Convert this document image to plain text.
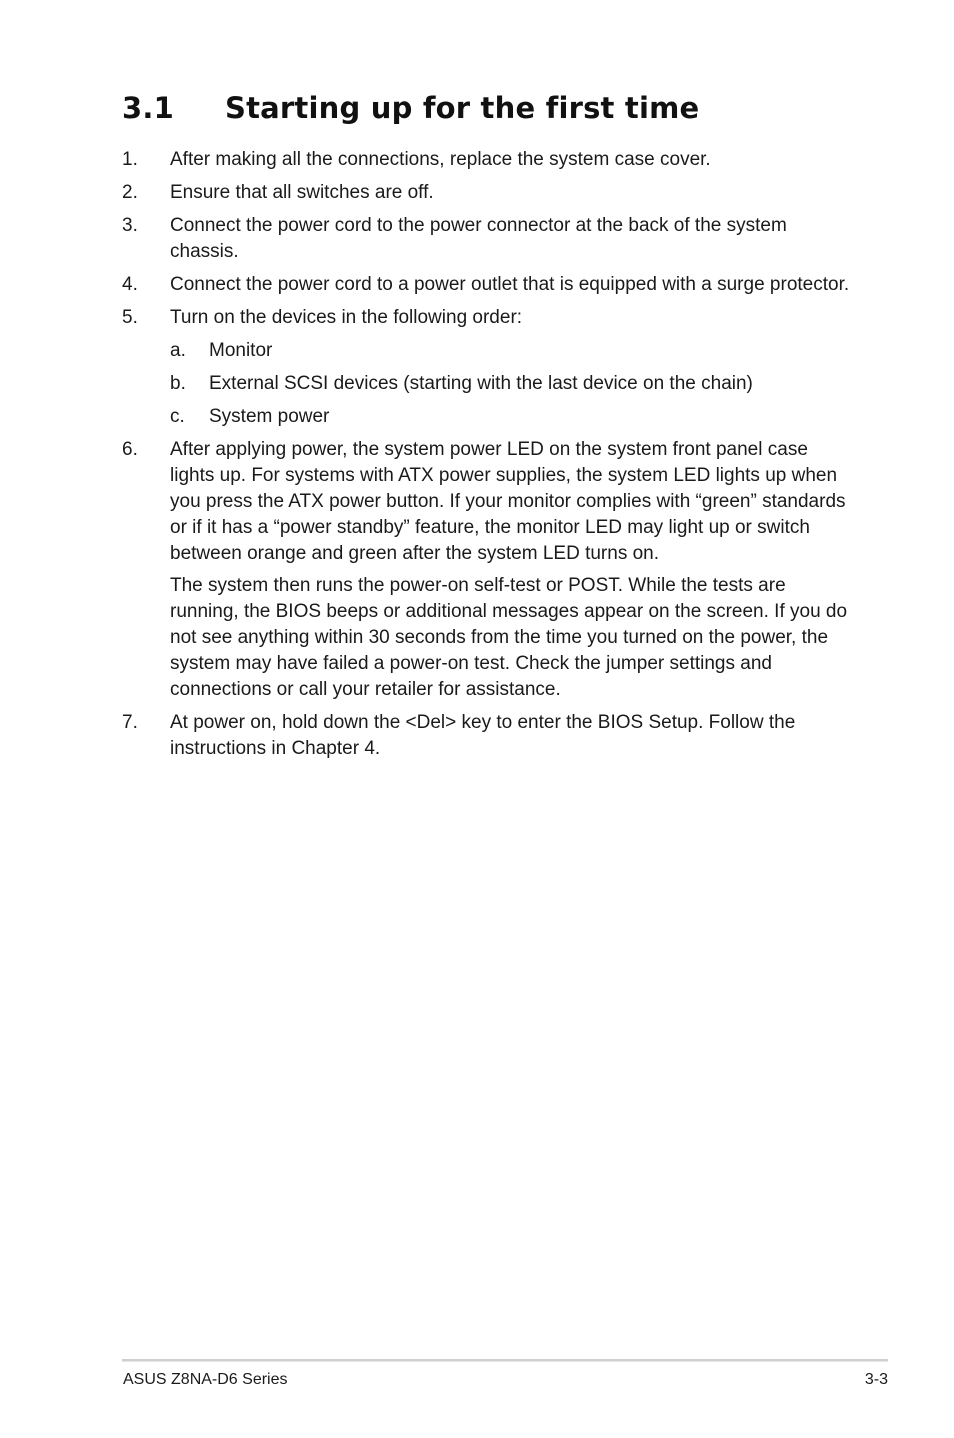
3.1 Starting up for the first time
1.	After making all the connections, replace the system case cover.

2.	Ensure that all switches are off.

3.	Connect the power cord to the power connector at the back of the system chassis.

4.	Connect the power cord to a power outlet that is equipped with a surge protector.

5.	Turn on the devices in the following order:

a.	Monitor
b.	External SCSI devices (starting with the last device on the chain)
c.	System power
6.	After applying power, the system power LED on the system front panel case lights up. For systems with ATX power supplies, the system LED lights up when you press the ATX power button. If your monitor complies with “green” standards or if it has a “power standby” feature, the monitor LED may light up or switch between orange and green after the system LED turns on.

The system then runs the power-on self-test or POST. While the tests are running, the BIOS beeps or additional messages appear on the screen. If you do not see anything within 30 seconds from the time you turned on the power, the system may have failed a power-on test. Check the jumper settings and connections or call your retailer for assistance.

7.	At power on, hold down the <Del> key to enter the BIOS Setup. Follow the instructions in Chapter 4.

ASUS Z8NA-D6 Series	3-3
